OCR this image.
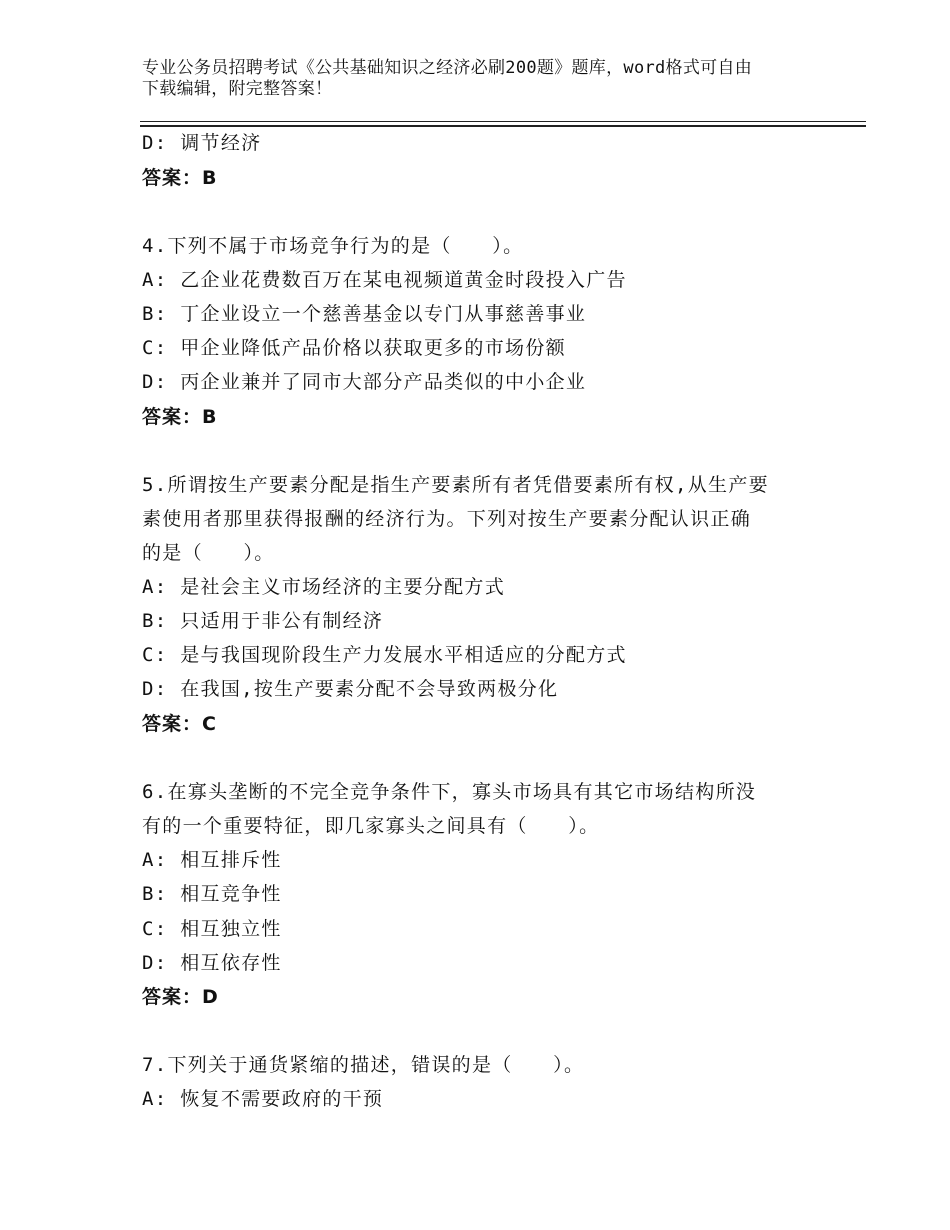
专业公务员招聘考试《公共基础知识之经济必刷200题》题库，word格式可自由
下载编辑，附完整答案！
D: 调节经济
答案：B
4.下列不属于市场竞争行为的是（　　）。
A: 乙企业花费数百万在某电视频道黄金时段投入广告
B: 丁企业设立一个慈善基金以专门从事慈善事业
C: 甲企业降低产品价格以获取更多的市场份额
D: 丙企业兼并了同市大部分产品类似的中小企业
答案：B
5.所谓按生产要素分配是指生产要素所有者凭借要素所有权,从生产要
素使用者那里获得报酬的经济行为。下列对按生产要素分配认识正确
的是（　　）。
A: 是社会主义市场经济的主要分配方式
B: 只适用于非公有制经济
C: 是与我国现阶段生产力发展水平相适应的分配方式
D: 在我国,按生产要素分配不会导致两极分化
答案：C
6.在寡头垄断的不完全竞争条件下，寡头市场具有其它市场结构所没
有的一个重要特征，即几家寡头之间具有（　　）。
A: 相互排斥性
B: 相互竞争性
C: 相互独立性
D: 相互依存性
答案：D
7.下列关于通货紧缩的描述，错误的是（　　）。
A: 恢复不需要政府的干预
